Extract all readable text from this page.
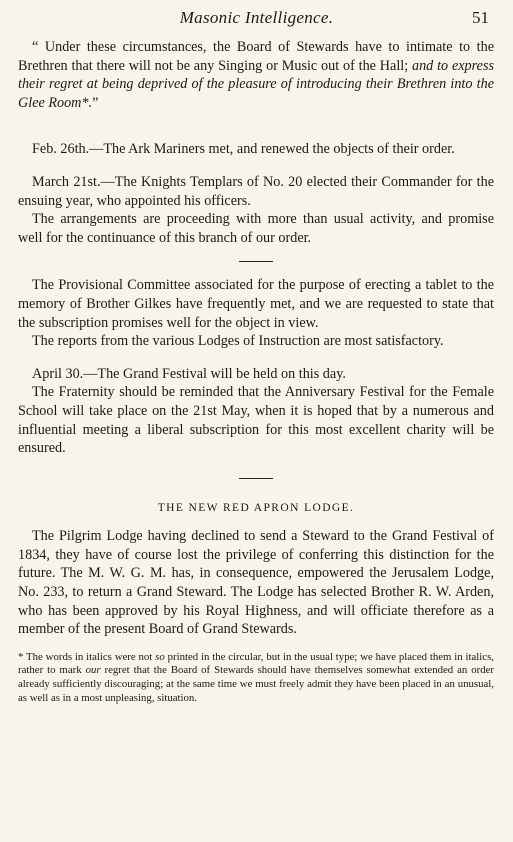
Masonic Intelligence.	51

“ Under these circumstances, the Board of Stewards have to intimate to the Brethren that there will not be any Singing or Music out of the Hall; and to express their regret at being deprived of the pleasure of introducing their Brethren into the Glee Room*.”

Feb. 26th.—The Ark Mariners met, and renewed the objects of their order.

March 21st.—The Knights Templars of No. 20 elected their Commander for the ensuing year, who appointed his officers.

The arrangements are proceeding with more than usual activity, and promise well for the continuance of this branch of our order.

The Provisional Committee associated for the purpose of erecting a tablet to the memory of Brother Gilkes have frequently met, and we are requested to state that the subscription promises well for the object in view.

The reports from the various Lodges of Instruction are most satisfactory.

April 30.—The Grand Festival will be held on this day.

The Fraternity should be reminded that the Anniversary Festival for the Female School will take place on the 21st May, when it is hoped that by a numerous and influential meeting a liberal subscription for this most excellent charity will be ensured.

THE NEW RED APRON LODGE.

The Pilgrim Lodge having declined to send a Steward to the Grand Festival of 1834, they have of course lost the privilege of conferring this distinction for the future. The M. W. G. M. has, in consequence, empowered the Jerusalem Lodge, No. 233, to return a Grand Steward. The Lodge has selected Brother R. W. Arden, who has been approved by his Royal Highness, and will officiate therefore as a member of the present Board of Grand Stewards.

* The words in italics were not so printed in the circular, but in the usual type; we have placed them in italics, rather to mark our regret that the Board of Stewards should have themselves somewhat extended an order already sufficiently discouraging; at the same time we must freely admit they have been placed in an unusual, as well as in a most unpleasing, situation.
